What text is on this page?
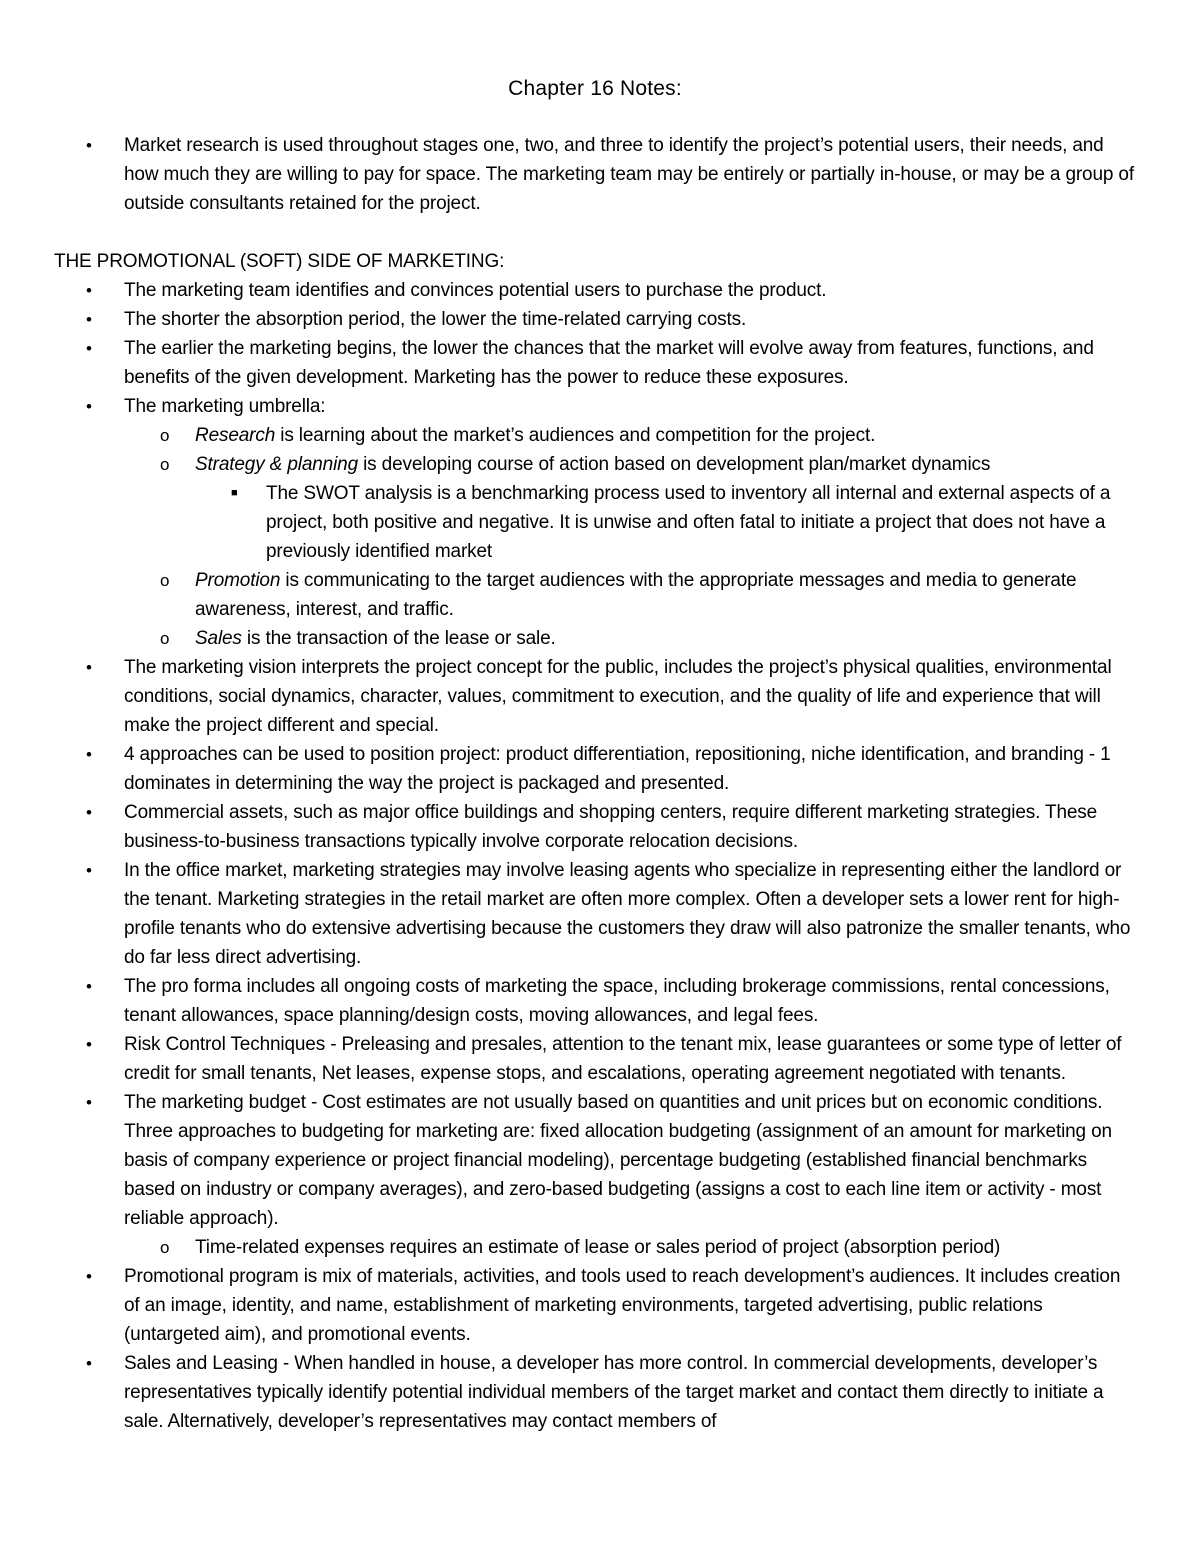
Chapter 16 Notes:
• Market research is used throughout stages one, two, and three to identify the project’s potential users, their needs, and how much they are willing to pay for space. The marketing team may be entirely or partially in-house, or may be a group of outside consultants retained for the project.
THE PROMOTIONAL (SOFT) SIDE OF MARKETING:
• The marketing team identifies and convinces potential users to purchase the product.
• The shorter the absorption period, the lower the time-related carrying costs.
• The earlier the marketing begins, the lower the chances that the market will evolve away from features, functions, and benefits of the given development. Marketing has the power to reduce these exposures.
• The marketing umbrella:
o Research is learning about the market’s audiences and competition for the project.
o Strategy & planning is developing course of action based on development plan/market dynamics
■ The SWOT analysis is a benchmarking process used to inventory all internal and external aspects of a project, both positive and negative. It is unwise and often fatal to initiate a project that does not have a previously identified market
o Promotion is communicating to the target audiences with the appropriate messages and media to generate awareness, interest, and traffic.
o Sales is the transaction of the lease or sale.
• The marketing vision interprets the project concept for the public, includes the project’s physical qualities, environmental conditions, social dynamics, character, values, commitment to execution, and the quality of life and experience that will make the project different and special.
• 4 approaches can be used to position project: product differentiation, repositioning, niche identification, and branding - 1 dominates in determining the way the project is packaged and presented.
• Commercial assets, such as major office buildings and shopping centers, require different marketing strategies. These business-to-business transactions typically involve corporate relocation decisions.
• In the office market, marketing strategies may involve leasing agents who specialize in representing either the landlord or the tenant. Marketing strategies in the retail market are often more complex. Often a developer sets a lower rent for high-profile tenants who do extensive advertising because the customers they draw will also patronize the smaller tenants, who do far less direct advertising.
• The pro forma includes all ongoing costs of marketing the space, including brokerage commissions, rental concessions, tenant allowances, space planning/design costs, moving allowances, and legal fees.
• Risk Control Techniques - Preleasing and presales, attention to the tenant mix, lease guarantees or some type of letter of credit for small tenants, Net leases, expense stops, and escalations, operating agreement negotiated with tenants.
• The marketing budget - Cost estimates are not usually based on quantities and unit prices but on economic conditions. Three approaches to budgeting for marketing are: fixed allocation budgeting (assignment of an amount for marketing on basis of company experience or project financial modeling), percentage budgeting (established financial benchmarks based on industry or company averages), and zero-based budgeting (assigns a cost to each line item or activity - most reliable approach).
o Time-related expenses requires an estimate of lease or sales period of project (absorption period)
• Promotional program is mix of materials, activities, and tools used to reach development’s audiences. It includes creation of an image, identity, and name, establishment of marketing environments, targeted advertising, public relations (untargeted aim), and promotional events.
• Sales and Leasing - When handled in house, a developer has more control. In commercial developments, developer’s representatives typically identify potential individual members of the target market and contact them directly to initiate a sale. Alternatively, developer’s representatives may contact members of
